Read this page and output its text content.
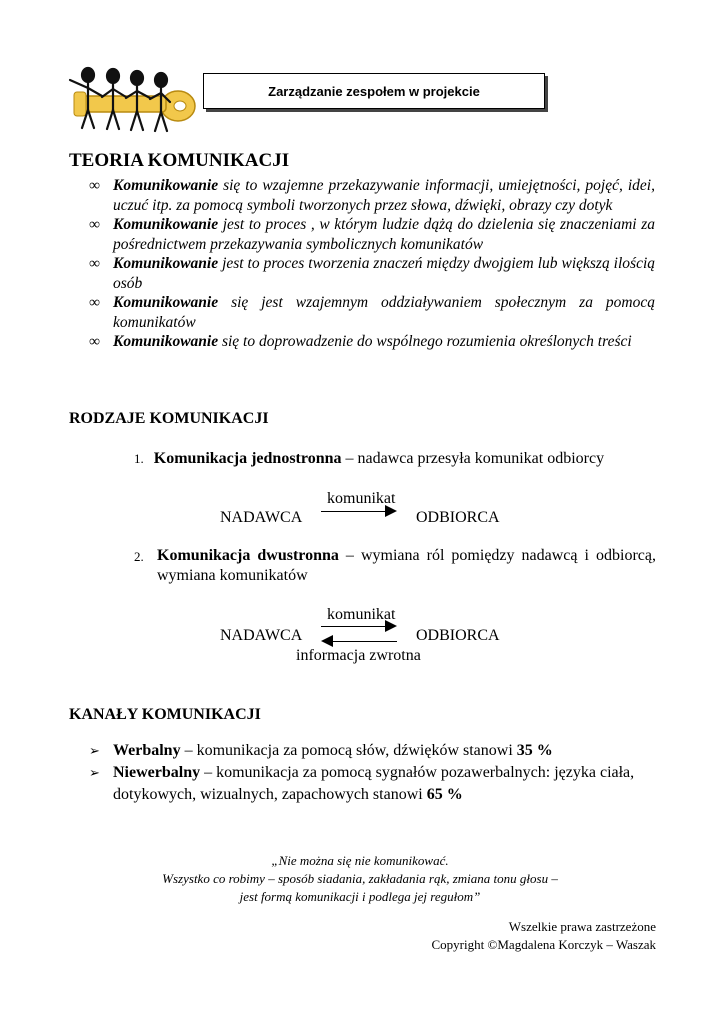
Zarządzanie zespołem w projekcie
TEORIA KOMUNIKACJI
∞ Komunikowanie się to wzajemne przekazywanie informacji, umiejętności, pojęć, idei, uczuć itp. za pomocą symboli tworzonych przez słowa, dźwięki, obrazy czy dotyk
∞ Komunikowanie jest to proces , w którym ludzie dążą do dzielenia się znaczeniami za pośrednictwem przekazywania symbolicznych komunikatów
∞ Komunikowanie jest to proces tworzenia znaczeń między dwojgiem lub większą ilością osób
∞ Komunikowanie się jest wzajemnym oddziaływaniem społecznym za pomocą komunikatów
∞ Komunikowanie się to doprowadzenie do wspólnego rozumienia określonych treści
RODZAJE KOMUNIKACJI
1. Komunikacja jednostronna – nadawca przesyła komunikat odbiorcy
komunikat
NADAWCA	ODBIORCA
2. Komunikacja dwustronna – wymiana ról pomiędzy nadawcą i odbiorcą, wymiana komunikatów
komunikat
NADAWCA	ODBIORCA
informacja zwrotna
KANAŁY KOMUNIKACJI
➢ Werbalny – komunikacja za pomocą słów, dźwięków stanowi 35 %
➢ Niewerbalny – komunikacja za pomocą sygnałów pozawerbalnych: języka ciała, dotykowych, wizualnych, zapachowych stanowi 65 %
„Nie można się nie komunikować.
Wszystko co robimy – sposób siadania, zakładania rąk, zmiana tonu głosu –
jest formą komunikacji i podlega jej regułom”
Wszelkie prawa zastrzeżone
Copyright ©Magdalena Korczyk – Waszak
